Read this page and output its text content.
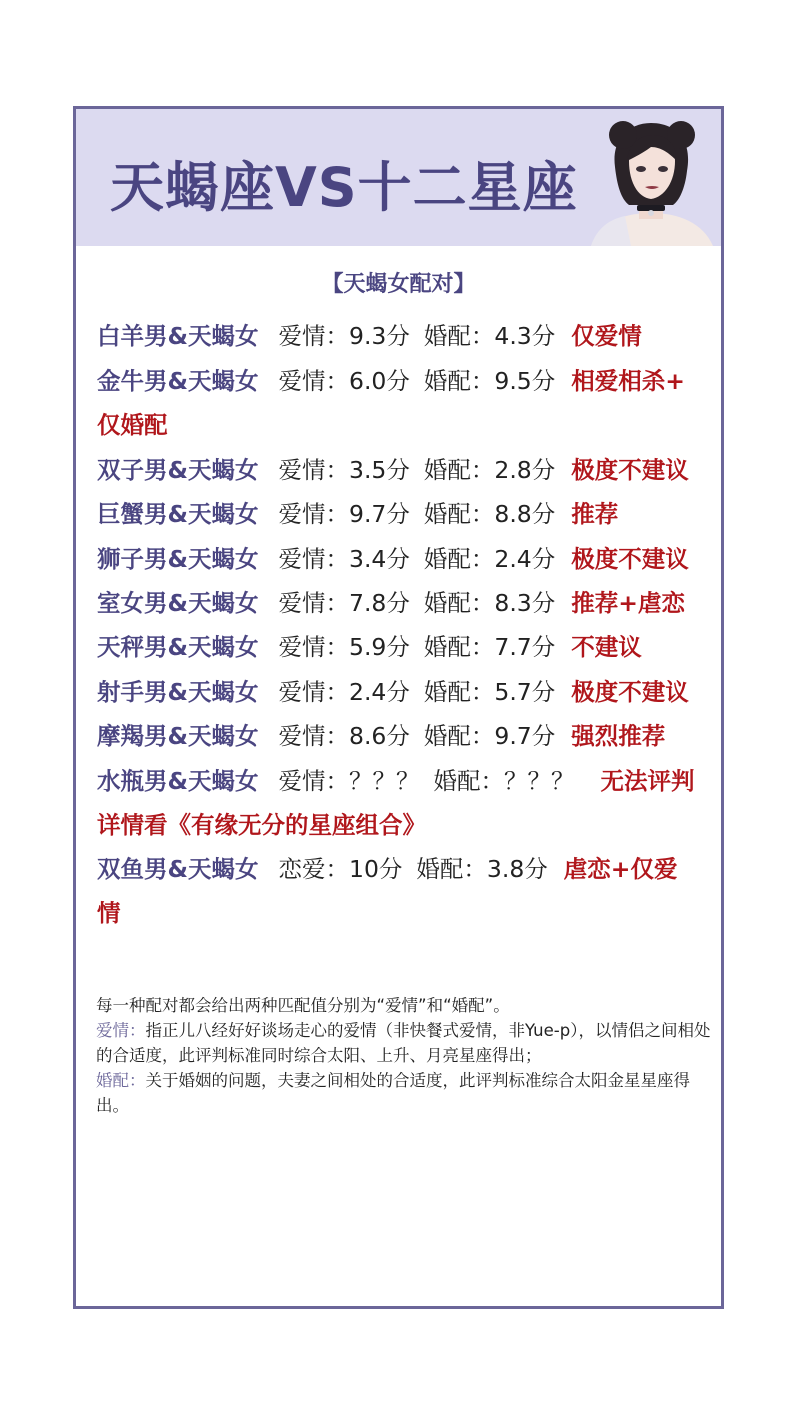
天蝎座VS十二星座
【天蝎女配对】
白羊男&天蝎女 爱情：9.3分 婚配：4.3分 仅爱情
金牛男&天蝎女 爱情：6.0分 婚配：9.5分 相爱相杀+
仅婚配
双子男&天蝎女 爱情：3.5分 婚配：2.8分 极度不建议
巨蟹男&天蝎女 爱情：9.7分 婚配：8.8分 推荐
狮子男&天蝎女 爱情：3.4分 婚配：2.4分 极度不建议
室女男&天蝎女 爱情：7.8分 婚配：8.3分 推荐+虐恋
天秤男&天蝎女 爱情：5.9分 婚配：7.7分 不建议
射手男&天蝎女 爱情：2.4分 婚配：5.7分 极度不建议
摩羯男&天蝎女 爱情：8.6分 婚配：9.7分 强烈推荐
水瓶男&天蝎女 爱情：？？？ 婚配：？？？ 无法评判
详情看《有缘无分的星座组合》
双鱼男&天蝎女 恋爱：10分 婚配：3.8分 虐恋+仅爱
情

每一种配对都会给出两种匹配值分别为“爱情”和“婚配”。

爱情：指正儿八经好好谈场走心的爱情（非快餐式爱情，非Yue-p），以情侣之间相处的合适度，此评判标准同时综合太阳、上升、月亮星座得出；

婚配：关于婚姻的问题，夫妻之间相处的合适度，此评判标准综合太阳金星星座得出。
